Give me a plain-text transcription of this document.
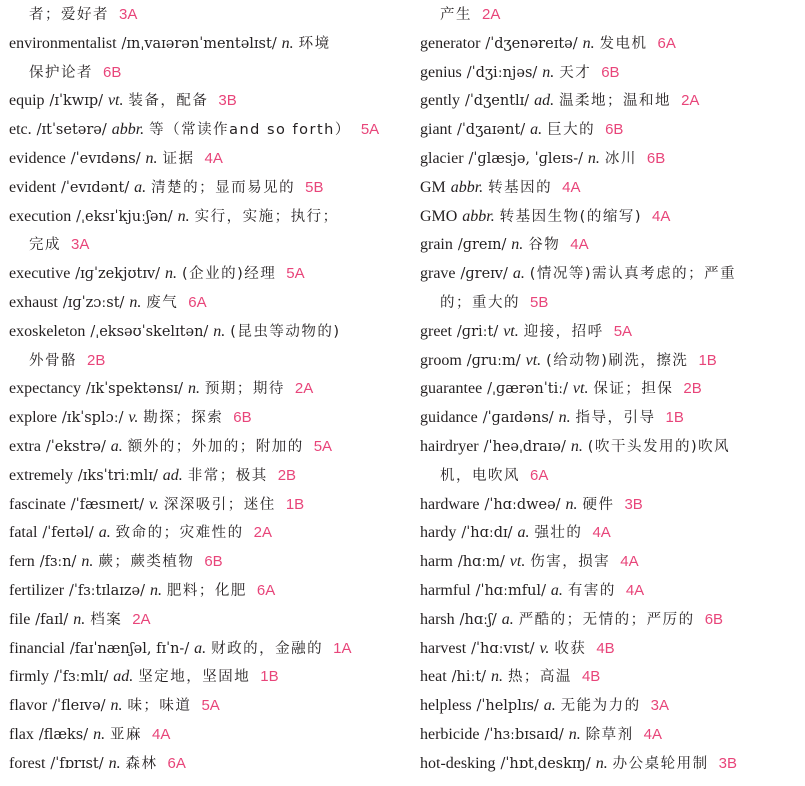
者；爱好者 3A
environmentalist /ɪnˌvaɪərənˈmentəlɪst/ n. 环境
保护论者 6B
equip /ɪˈkwɪp/ vt. 装备，配备 3B
etc. /ɪtˈsetərə/ abbr. 等（常读作and so forth） 5A
evidence /ˈevɪdəns/ n. 证据 4A
evident /ˈevɪdənt/ a. 清楚的；显而易见的 5B
execution /ˌeksɪˈkjuːʃən/ n. 实行，实施；执行；
完成 3A
executive /ɪɡˈzekjʊtɪv/ n. (企业的)经理 5A
exhaust /ɪɡˈzɔːst/ n. 废气 6A
exoskeleton /ˌeksəʊˈskelɪtən/ n. (昆虫等动物的)
外骨骼 2B
expectancy /ɪkˈspektənsɪ/ n. 预期；期待 2A
explore /ɪkˈsplɔː/ v. 勘探；探索 6B
extra /ˈekstrə/ a. 额外的；外加的；附加的 5A
extremely /ɪksˈtriːmlɪ/ ad. 非常；极其 2B
fascinate /ˈfæsɪneɪt/ v. 深深吸引；迷住 1B
fatal /ˈfeɪtəl/ a. 致命的；灾难性的 2A
fern /fɜːn/ n. 蕨；蕨类植物 6B
fertilizer /ˈfɜːtɪlaɪzə/ n. 肥料；化肥 6A
file /faɪl/ n. 档案 2A
financial /faɪˈnænʃəl, fɪˈn-/ a. 财政的，金融的 1A
firmly /ˈfɜːmlɪ/ ad. 坚定地，坚固地 1B
flavor /ˈfleɪvə/ n. 味；味道 5A
flax /flæks/ n. 亚麻 4A
forest /ˈfɒrɪst/ n. 森林 6A
产生 2A
generator /ˈdʒenəreɪtə/ n. 发电机 6A
genius /ˈdʒiːnjəs/ n. 天才 6B
gently /ˈdʒentlɪ/ ad. 温柔地；温和地 2A
giant /ˈdʒaɪənt/ a. 巨大的 6B
glacier /ˈɡlæsjə, ˈɡleɪs-/ n. 冰川 6B
GM abbr. 转基因的 4A
GMO abbr. 转基因生物(的缩写) 4A
grain /ɡreɪn/ n. 谷物 4A
grave /ɡreɪv/ a. (情况等)需认真考虑的；严重
的；重大的 5B
greet /ɡriːt/ vt. 迎接，招呼 5A
groom /ɡruːm/ vt. (给动物)刷洗，擦洗 1B
guarantee /ˌɡærənˈtiː/ vt. 保证；担保 2B
guidance /ˈɡaɪdəns/ n. 指导，引导 1B
hairdryer /ˈheəˌdraɪə/ n. (吹干头发用的)吹风
机，电吹风 6A
hardware /ˈhɑːdweə/ n. 硬件 3B
hardy /ˈhɑːdɪ/ a. 强壮的 4A
harm /hɑːm/ vt. 伤害，损害 4A
harmful /ˈhɑːmful/ a. 有害的 4A
harsh /hɑːʃ/ a. 严酷的；无情的；严厉的 6B
harvest /ˈhɑːvɪst/ v. 收获 4B
heat /hiːt/ n. 热；高温 4B
helpless /ˈhelplɪs/ a. 无能为力的 3A
herbicide /ˈhɜːbɪsaɪd/ n. 除草剂 4A
hot-desking /ˈhɒtˌdeskɪŋ/ n. 办公桌轮用制 3B
